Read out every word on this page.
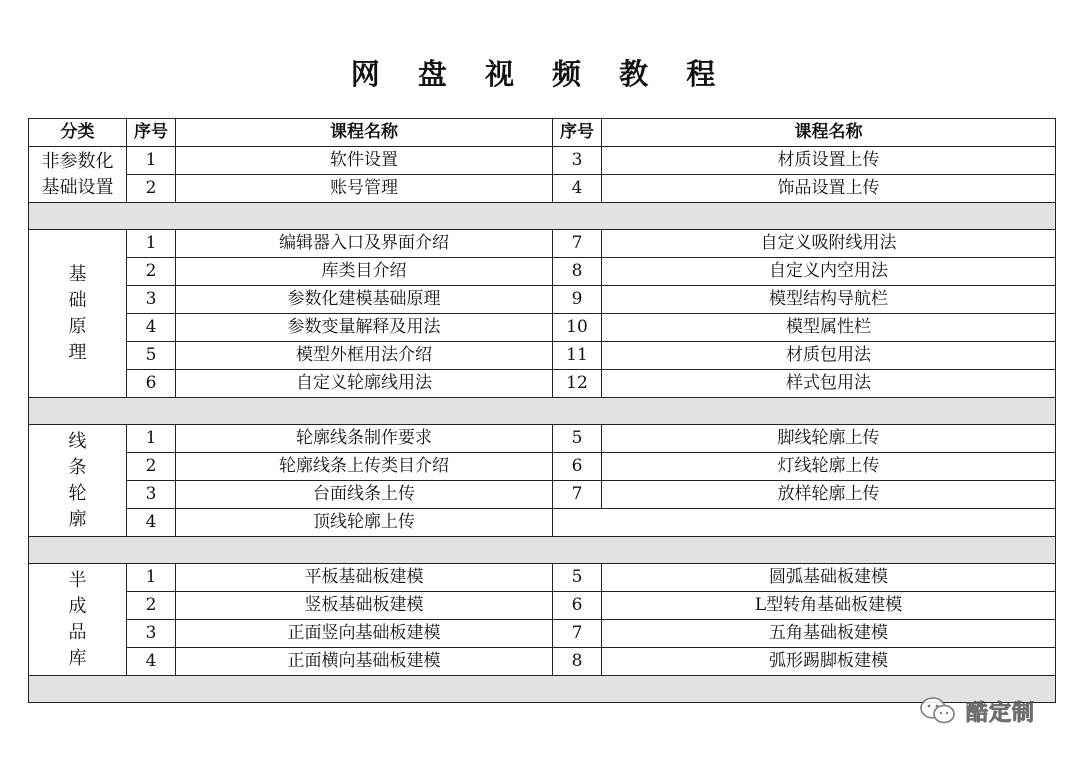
网 盘 视 频 教 程
分类	序号	课程名称	序号	课程名称

非参数化
基础设置	1	软件设置	3	材质设置上传
	2	账号管理	4	饰品设置上传

基
础
原
理	1	编辑器入口及界面介绍	7	自定义吸附线用法
	2	库类目介绍	8	自定义内空用法
	3	参数化建模基础原理	9	模型结构导航栏
	4	参数变量解释及用法	10	模型属性栏
	5	模型外框用法介绍	11	材质包用法
	6	自定义轮廓线用法	12	样式包用法

线
条
轮
廓	1	轮廓线条制作要求	5	脚线轮廓上传
	2	轮廓线条上传类目介绍	6	灯线轮廓上传
	3	台面线条上传	7	放样轮廓上传
	4	顶线轮廓上传		

半
成
品
库	1	平板基础板建模	5	圆弧基础板建模
	2	竖板基础板建模	6	L型转角基础板建模
	3	正面竖向基础板建模	7	五角基础板建模
	4	正面横向基础板建模	8	弧形踢脚板建模

酷定制
